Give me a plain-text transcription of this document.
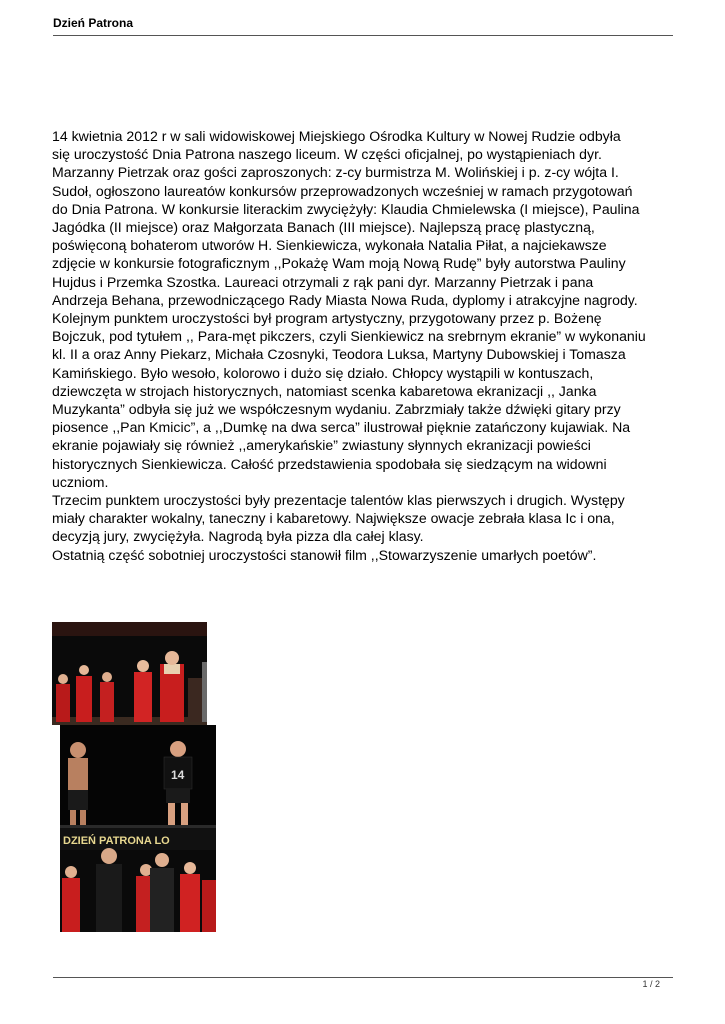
Dzień Patrona

14 kwietnia 2012 r w sali widowiskowej Miejskiego Ośrodka Kultury w Nowej Rudzie odbyła
się uroczystość Dnia Patrona naszego liceum. W części oficjalnej, po wystąpieniach dyr.
Marzanny Pietrzak oraz gości zaproszonych: z-cy burmistrza M. Wolińskiej i p. z-cy wójta I.
Sudoł, ogłoszono laureatów konkursów przeprowadzonych wcześniej w ramach przygotowań
do Dnia Patrona. W konkursie literackim zwyciężyły: Klaudia Chmielewska (I miejsce), Paulina
Jagódka (II miejsce) oraz Małgorzata Banach (III miejsce). Najlepszą pracę plastyczną,
poświęconą bohaterom utworów H. Sienkiewicza, wykonała Natalia Piłat, a najciekawsze
zdjęcie w konkursie fotograficznym ,,Pokażę Wam moją Nową Rudę” były autorstwa Pauliny
Hujdus i Przemka Szostka. Laureaci otrzymali z rąk pani dyr. Marzanny Pietrzak i pana
Andrzeja Behana, przewodniczącego Rady Miasta Nowa Ruda, dyplomy i atrakcyjne nagrody.

Kolejnym punktem uroczystości był program artystyczny, przygotowany przez p. Bożenę
Bojczuk, pod tytułem ,, Para-męt pikczers, czyli Sienkiewicz na srebrnym ekranie” w wykonaniu
kl. II a oraz Anny Piekarz, Michała Czosnyki, Teodora Luksa, Martyny Dubowskiej i Tomasza
Kamińskiego. Było wesoło, kolorowo i dużo się działo. Chłopcy wystąpili w kontuszach,
dziewczęta w strojach historycznych, natomiast scenka kabaretowa ekranizacji ,, Janka
Muzykanta” odbyła się już we współczesnym wydaniu. Zabrzmiały także dźwięki gitary przy
piosence ,,Pan Kmicic”, a ,,Dumkę na dwa serca” ilustrował pięknie zatańczony kujawiak. Na
ekranie pojawiały się również ,,amerykańskie” zwiastuny słynnych ekranizacji powieści
historycznych Sienkiewicza. Całość przedstawienia spodobała się siedzącym na widowni
uczniom.

Trzecim punktem uroczystości były prezentacje talentów klas pierwszych i drugich. Występy
miały charakter wokalny, taneczny i kabaretowy. Największe owacje zebrała klasa Ic i ona,
decyzją jury, zwyciężyła. Nagrodą była pizza dla całej klasy.

Ostatnią część sobotniej uroczystości stanowił film ,,Stowarzyszenie umarłych poetów”.

14
DZIEŃ PATRONA LO
1 / 2
